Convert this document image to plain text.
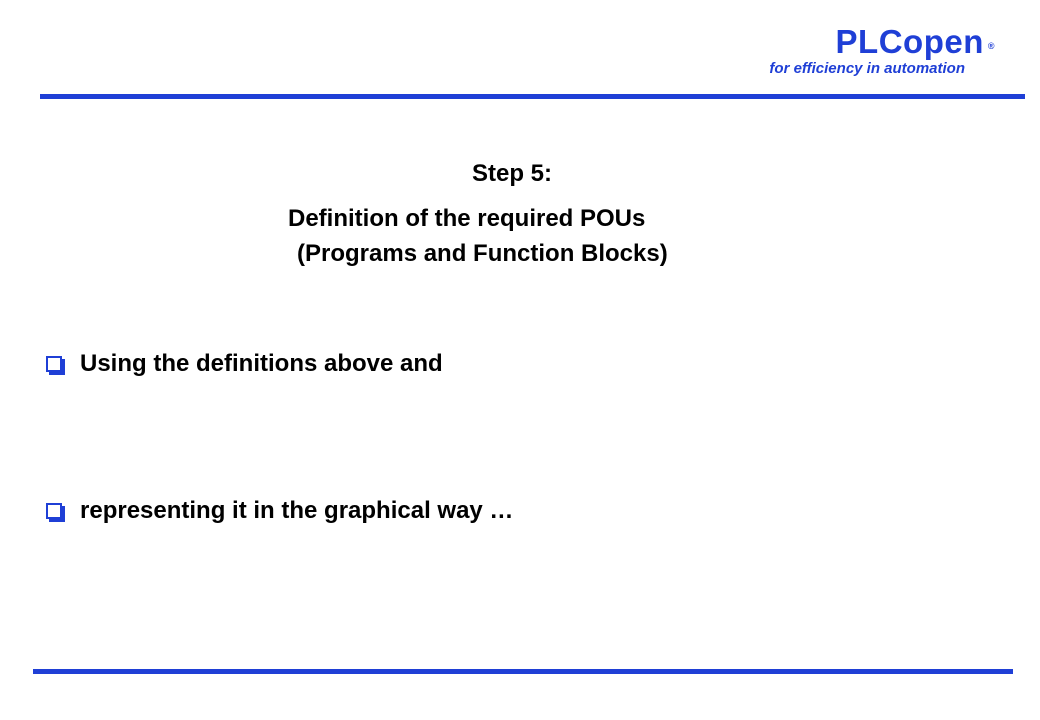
PLCopen ®
for efficiency in automation
Step 5:
Definition of the required POUs
(Programs and Function Blocks)
Using the definitions above and
representing it in the graphical way …
